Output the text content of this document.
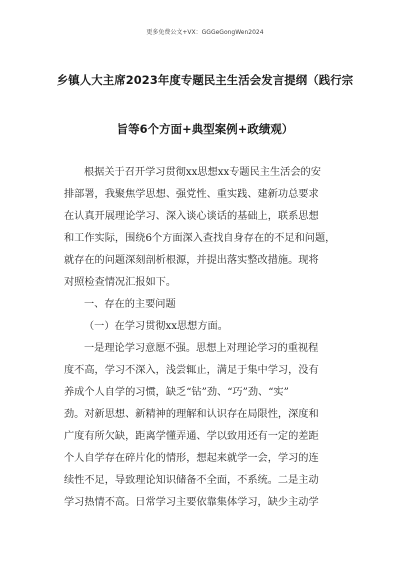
更多免费公文+VX：GGGeGongWen2024
乡镇人大主席2023年度专题民主生活会发言提纲（践行宗
旨等6个方面+典型案例+政绩观）
根据关于召开学习贯彻xx思想xx专题民主生活会的安
排部署，我聚焦学思想、强党性、重实践、建新功总要求
在认真开展理论学习、深入谈心谈话的基础上，联系思想
和工作实际，围绕6个方面深入查找自身存在的不足和问题，
就存在的问题深刻剖析根源，并提出落实整改措施。现将
对照检查情况汇报如下。
一、存在的主要问题
（一）在学习贯彻xx思想方面。
一是理论学习意愿不强。思想上对理论学习的重视程
度不高，学习不深入，浅尝辄止，满足于集中学习，没有
养成个人自学的习惯，缺乏“钻”劲、“巧”劲、“实”
劲。对新思想、新精神的理解和认识存在局限性，深度和
广度有所欠缺，距离学懂弄通、学以致用还有一定的差距
个人自学存在碎片化的情形，想起来就学一会，学习的连
续性不足，导致理论知识储备不全面，不系统。二是主动
学习热情不高。日常学习主要依靠集体学习，缺少主动学
